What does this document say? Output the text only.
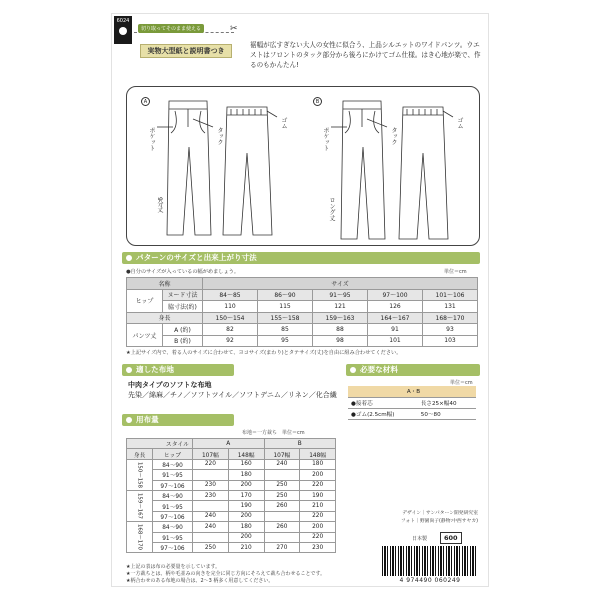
6024
✂
切り取ってそのまま使える
実物大型紙と説明書つき
裾幅が広すぎない大人の女性に似合う、上品シルエットのワイドパンツ。ウエストはフロントのタック部分から後ろにかけてゴム仕様。はき心地が楽で、作るのもかんたん!
A	B
ポケット	タック
ゴム
9分丈
ポケット	タック
ゴム
ロング丈
パターンのサイズと出来上がり寸法
●自分のサイズが入っているの幅がめましょう。	単位＝cm
名称		サイズ				
ヒップ	ヌード寸法	84〜85	86〜90	91〜95	97〜100	101〜106
	脇寸法(約)	110	115	121	126	131
身長		150〜154	155〜158	159〜163	164〜167	168〜170
パンツ丈	A (約)	82	85	88	91	93
	B (約)	92	95	98	101	103
★上記サイズ内で、着る人のサイズに合わせて、ヨコサイズ(まわり)とタテサイズ(丈)を自由に組み合わせてください。
適した布地
中肉タイプのソフトな布地
先染／綿麻／チノ／ソフトツイル／ソフトデニム／リネン／化合繊
必要な材料
単位＝cm
A・B	
●接着芯	長さ25×幅40
●ゴム(2.5cm幅)	50〜80
用布量
布地＝一方裁ち　単位＝cm
スタイル		A		B	
身長	ヒップ	107幅	148幅	107幅	148幅
150〜158	84〜90	220	160	240	180
	91〜95		180		200
	97〜106	230	200	250	220
159〜167	84〜90	230	170	250	190
	91〜95		190	260	210
	97〜106	240	200		220
168〜170	84〜90	240	180	260	200
	91〜95		200		220
	97〜106	250	210	270	230
★上記の表は布の必要量を示しています。
★一方裁ちとは、柄や毛並みの向きを完全に同じ方向にそろえて裁ち合わせることです。
★柄合わせのある布地の場合は、2〜3 柄多く用意してください。
デザイン｜サンパターン開発研究室
フォト｜野園尚子(静物:中西サヤカ)
日本製	600
4 974490 060249
